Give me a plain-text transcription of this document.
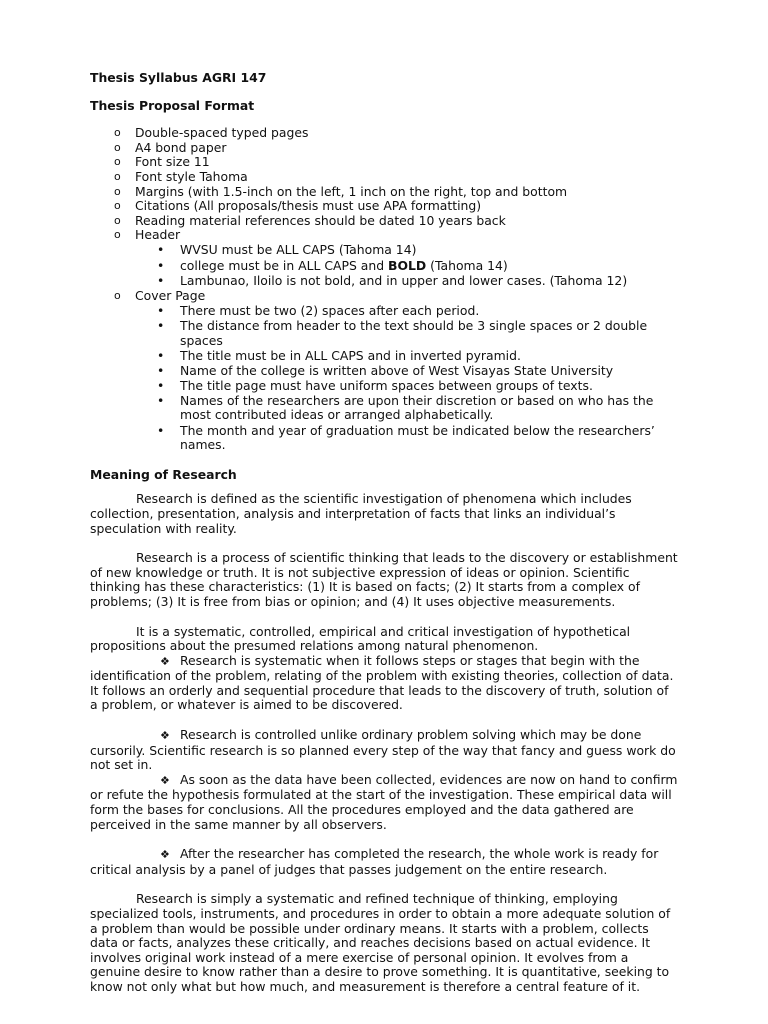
Thesis Syllabus AGRI 147

Thesis Proposal Format

o Double-spaced typed pages
o A4 bond paper
o Font size 11
o Font style Tahoma
o Margins (with 1.5-inch on the left, 1 inch on the right, top and bottom
o Citations (All proposals/thesis must use APA formatting)
o Reading material references should be dated 10 years back
o Header
• WVSU must be ALL CAPS (Tahoma 14)
• college must be in ALL CAPS and BOLD (Tahoma 14)
• Lambunao, Iloilo is not bold, and in upper and lower cases. (Tahoma 12)
o Cover Page
• There must be two (2) spaces after each period.
• The distance from header to the text should be 3 single spaces or 2 double spaces
• The title must be in ALL CAPS and in inverted pyramid.
• Name of the college is written above of West Visayas State University
• The title page must have uniform spaces between groups of texts.
• Names of the researchers are upon their discretion or based on who has the most contributed ideas or arranged alphabetically.
• The month and year of graduation must be indicated below the researchers’ names.

Meaning of Research

Research is defined as the scientific investigation of phenomena which includes collection, presentation, analysis and interpretation of facts that links an individual’s speculation with reality.

Research is a process of scientific thinking that leads to the discovery or establishment of new knowledge or truth. It is not subjective expression of ideas or opinion. Scientific thinking has these characteristics: (1) It is based on facts; (2) It starts from a complex of problems; (3) It is free from bias or opinion; and (4) It uses objective measurements.

It is a systematic, controlled, empirical and critical investigation of hypothetical propositions about the presumed relations among natural phenomenon.

❖ Research is systematic when it follows steps or stages that begin with the identification of the problem, relating of the problem with existing theories, collection of data. It follows an orderly and sequential procedure that leads to the discovery of truth, solution of a problem, or whatever is aimed to be discovered.

❖ Research is controlled unlike ordinary problem solving which may be done cursorily. Scientific research is so planned every step of the way that fancy and guess work do not set in.

❖ As soon as the data have been collected, evidences are now on hand to confirm or refute the hypothesis formulated at the start of the investigation. These empirical data will form the bases for conclusions. All the procedures employed and the data gathered are perceived in the same manner by all observers.

❖ After the researcher has completed the research, the whole work is ready for critical analysis by a panel of judges that passes judgement on the entire research.

Research is simply a systematic and refined technique of thinking, employing specialized tools, instruments, and procedures in order to obtain a more adequate solution of a problem than would be possible under ordinary means. It starts with a problem, collects data or facts, analyzes these critically, and reaches decisions based on actual evidence. It involves original work instead of a mere exercise of personal opinion. It evolves from a genuine desire to know rather than a desire to prove something. It is quantitative, seeking to know not only what but how much, and measurement is therefore a central feature of it.
